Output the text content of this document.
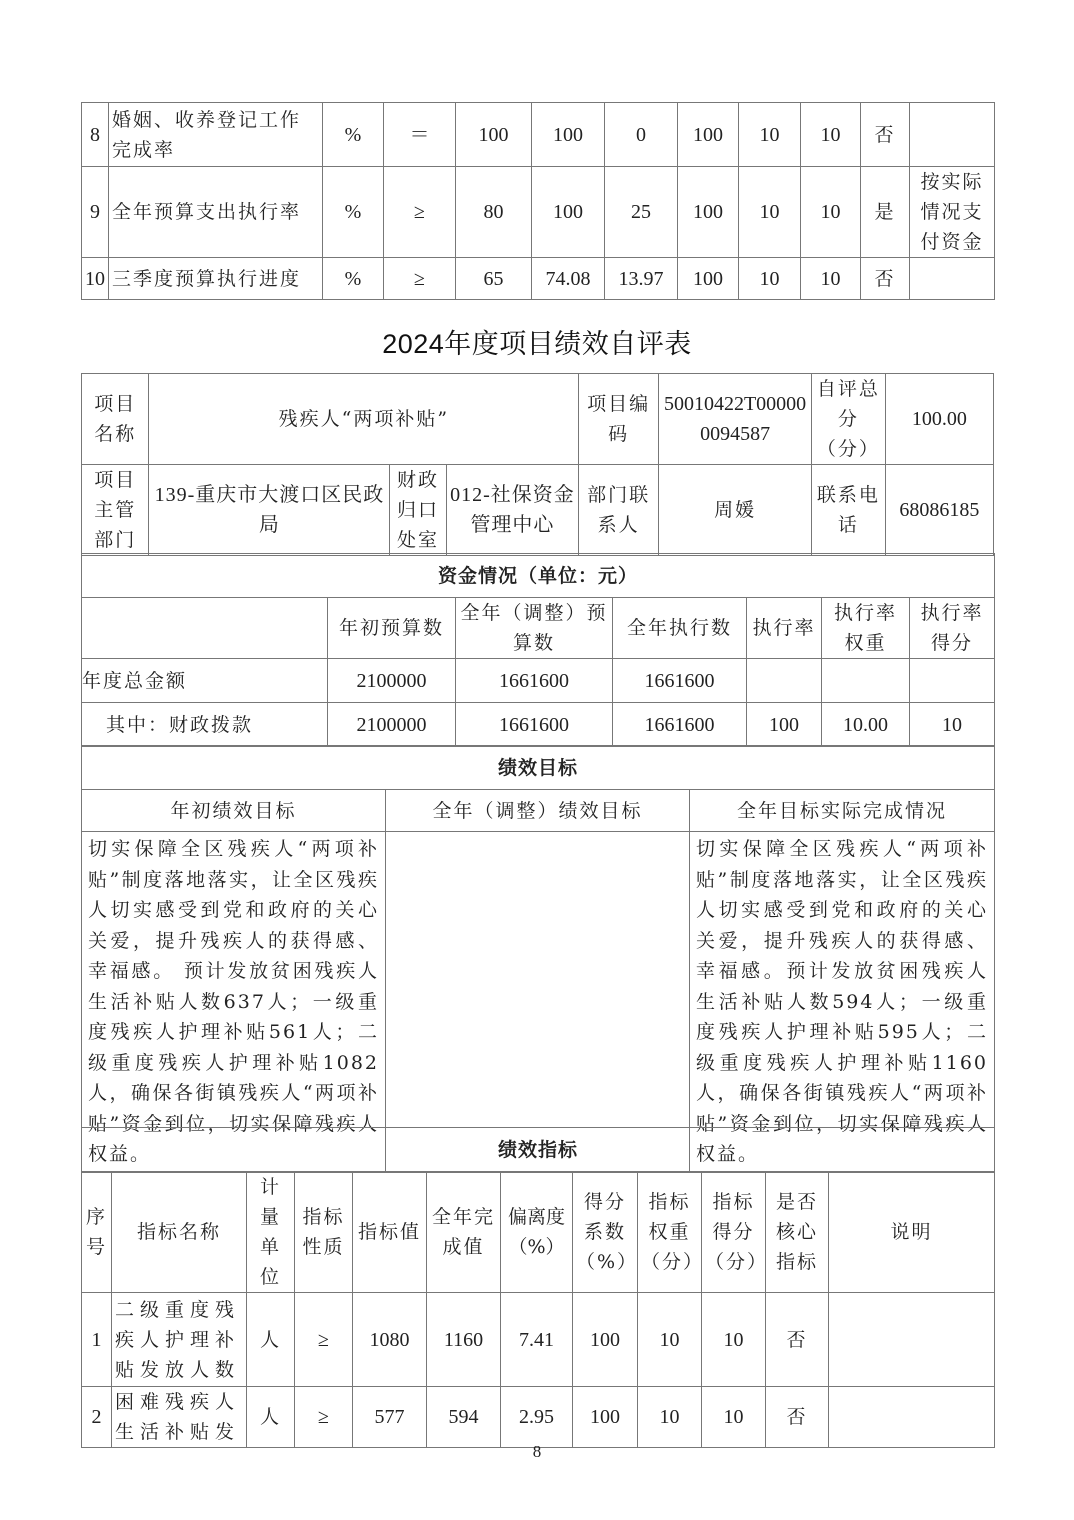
8	婚姻、收养登记工作完成率	%	＝	100	100	0	100	10	10	否	
9	全年预算支出执行率	%	≥	80	100	25	100	10	10	是	按实际情况支付资金
10	三季度预算执行进度	%	≥	65	74.08	13.97	100	10	10	否	
2024年度项目绩效自评表
项目名称	残疾人“两项补贴”			项目编码	50010422T000000094587	自评总分（分）	100.00
项目主管部门	139-重庆市大渡口区民政局	财政归口处室	012-社保资金管理中心	部门联系人	周媛	联系电话	68086185
资金情况（单位：元）						
	年初预算数	全年（调整）预算数	全年执行数	执行率	执行率权重	执行率得分
年度总金额	2100000	1661600	1661600			
其中：财政拨款	2100000	1661600	1661600	100	10.00	10
绩效目标		
年初绩效目标	全年（调整）绩效目标	全年目标实际完成情况
切实保障全区残疾人“两项补贴”制度落地落实，让全区残疾人切实感受到党和政府的关心关爱，提升残疾人的获得感、幸福感。 预计发放贫困残疾人生活补贴人数637人；一级重度残疾人护理补贴561人；二级重度残疾人护理补贴1082人，确保各街镇残疾人“两项补贴”资金到位，切实保障残疾人权益。		切实保障全区残疾人“两项补贴”制度落地落实，让全区残疾人切实感受到党和政府的关心关爱，提升残疾人的获得感、幸福感。预计发放贫困残疾人生活补贴人数594人；一级重度残疾人护理补贴595人；二级重度残疾人护理补贴1160人，确保各街镇残疾人“两项补贴”资金到位，切实保障残疾人权益。
绩效指标											
序号	指标名称	计量单位	指标性质	指标值	全年完成值	偏离度（%）	得分系数（%）	指标权重（分）	指标得分（分）	是否核心指标	说明
1	二级重度残疾人护理补贴发放人数	人	≥	1080	1160	7.41	100	10	10	否	
2	困难残疾人生活补贴发	人	≥	577	594	2.95	100	10	10	否	
8
